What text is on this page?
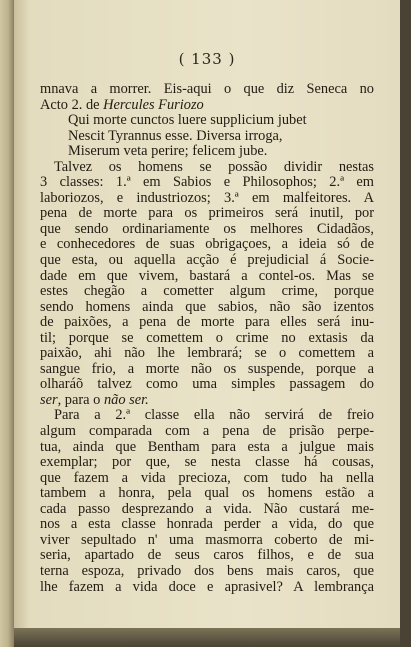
( 133 )
mnava a morrer. Eis-aqui o que diz Seneca no
Acto 2. de Hercules Furiozo
Qui morte cunctos luere supplicium jubet
Nescit Tyrannus esse. Diversa irroga,
Miserum veta perire; felicem jube.
Talvez os homens se possão dividir nestas
3 classes: 1.ª em Sabios e Philosophos; 2.ª em
laboriozos, e industriozos; 3.ª em malfeitores. A
pena de morte para os primeiros será inutil, por
que sendo ordinariamente os melhores Cidadãos,
e conhecedores de suas obrigaçoes, a ideia só de
que esta, ou aquella acção é prejudicial á Socie-
dade em que vivem, bastará a contel-os. Mas se
estes chegão a cometter algum crime, porque
sendo homens ainda que sabios, não são izentos
de paixões, a pena de morte para elles será inu-
til; porque se comettem o crime no extasis da
paixão, ahi não lhe lembrará; se o comettem a
sangue frio, a morte não os suspende, porque a
olharáõ talvez como uma simples passagem do
ser, para o não ser.
Para a 2.ª classe ella não servirá de freio
algum comparada com a pena de prisão perpe-
tua, ainda que Bentham para esta a julgue mais
exemplar; por que, se nesta classe há cousas,
que fazem a vida precioza, com tudo ha nella
tambem a honra, pela qual os homens estão a
cada passo desprezando a vida. Não custará me-
nos a esta classe honrada perder a vida, do que
viver sepultado n' uma masmorra coberto de mi-
seria, apartado de seus caros filhos, e de sua
terna espoza, privado dos bens mais caros, que
lhe fazem a vida doce e aprasivel? A lembrança
